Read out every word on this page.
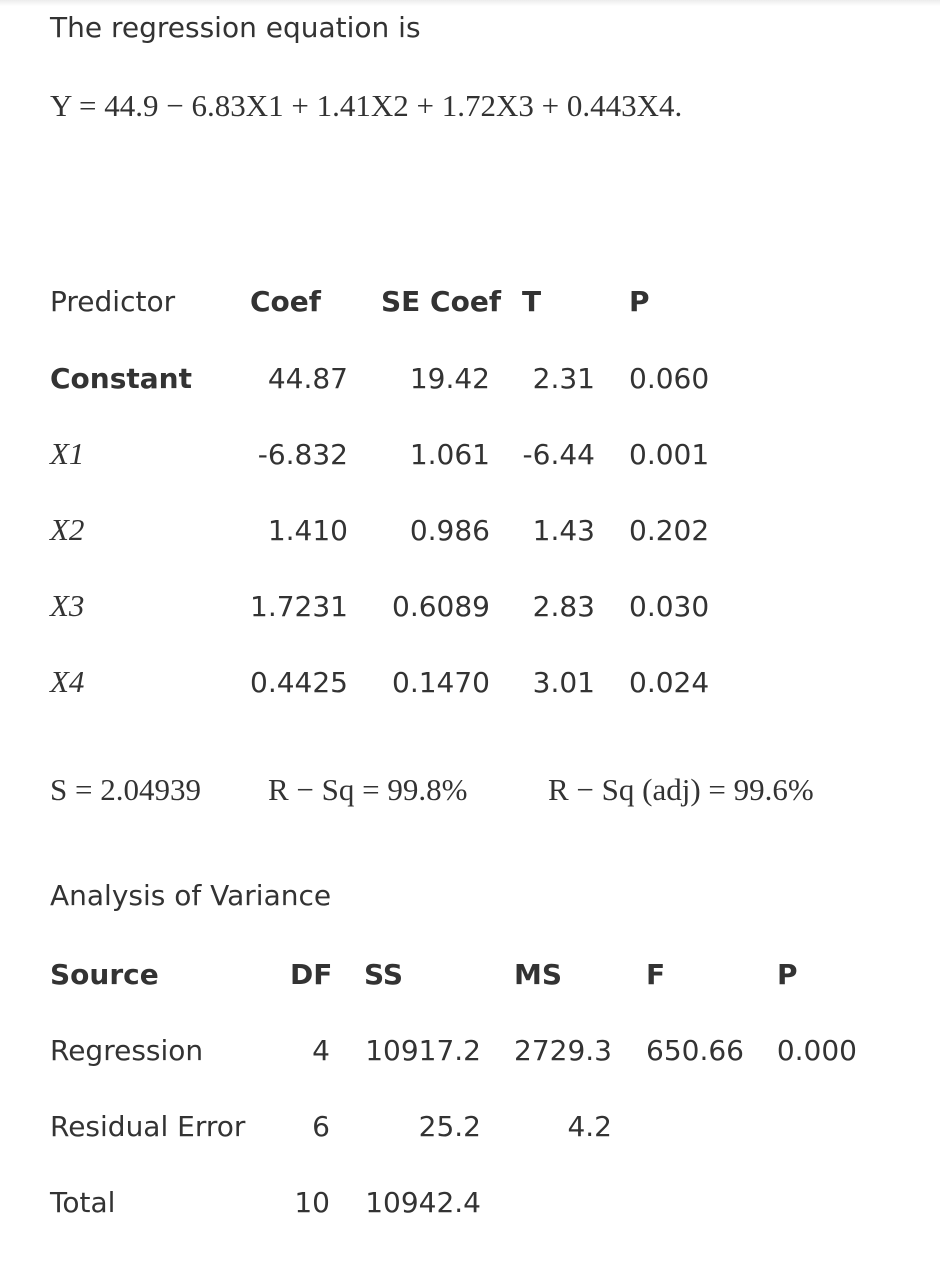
The regression equation is
Y = 44.9 − 6.83X1 + 1.41X2 + 1.72X3 + 0.443X4.
Predictor	Coef SE Coef T	P
Constant	44.87	19.42	2.31 0.060
X1	-6.832	1.061	-6.44 0.001
X2	1.410	0.986	1.43 0.202
X3	1.7231	0.6089	2.83 0.030
X4	0.4425	0.1470	3.01 0.024
S = 2.04939 R − Sq = 99.8%	R − Sq (adj) = 99.6%
Analysis of Variance
Source	DF SS	MS	F	P
Regression	4 10917.2	2729.3	650.66	0.000
Residual Error	6	25.2	4.2
Total	10 10942.4
